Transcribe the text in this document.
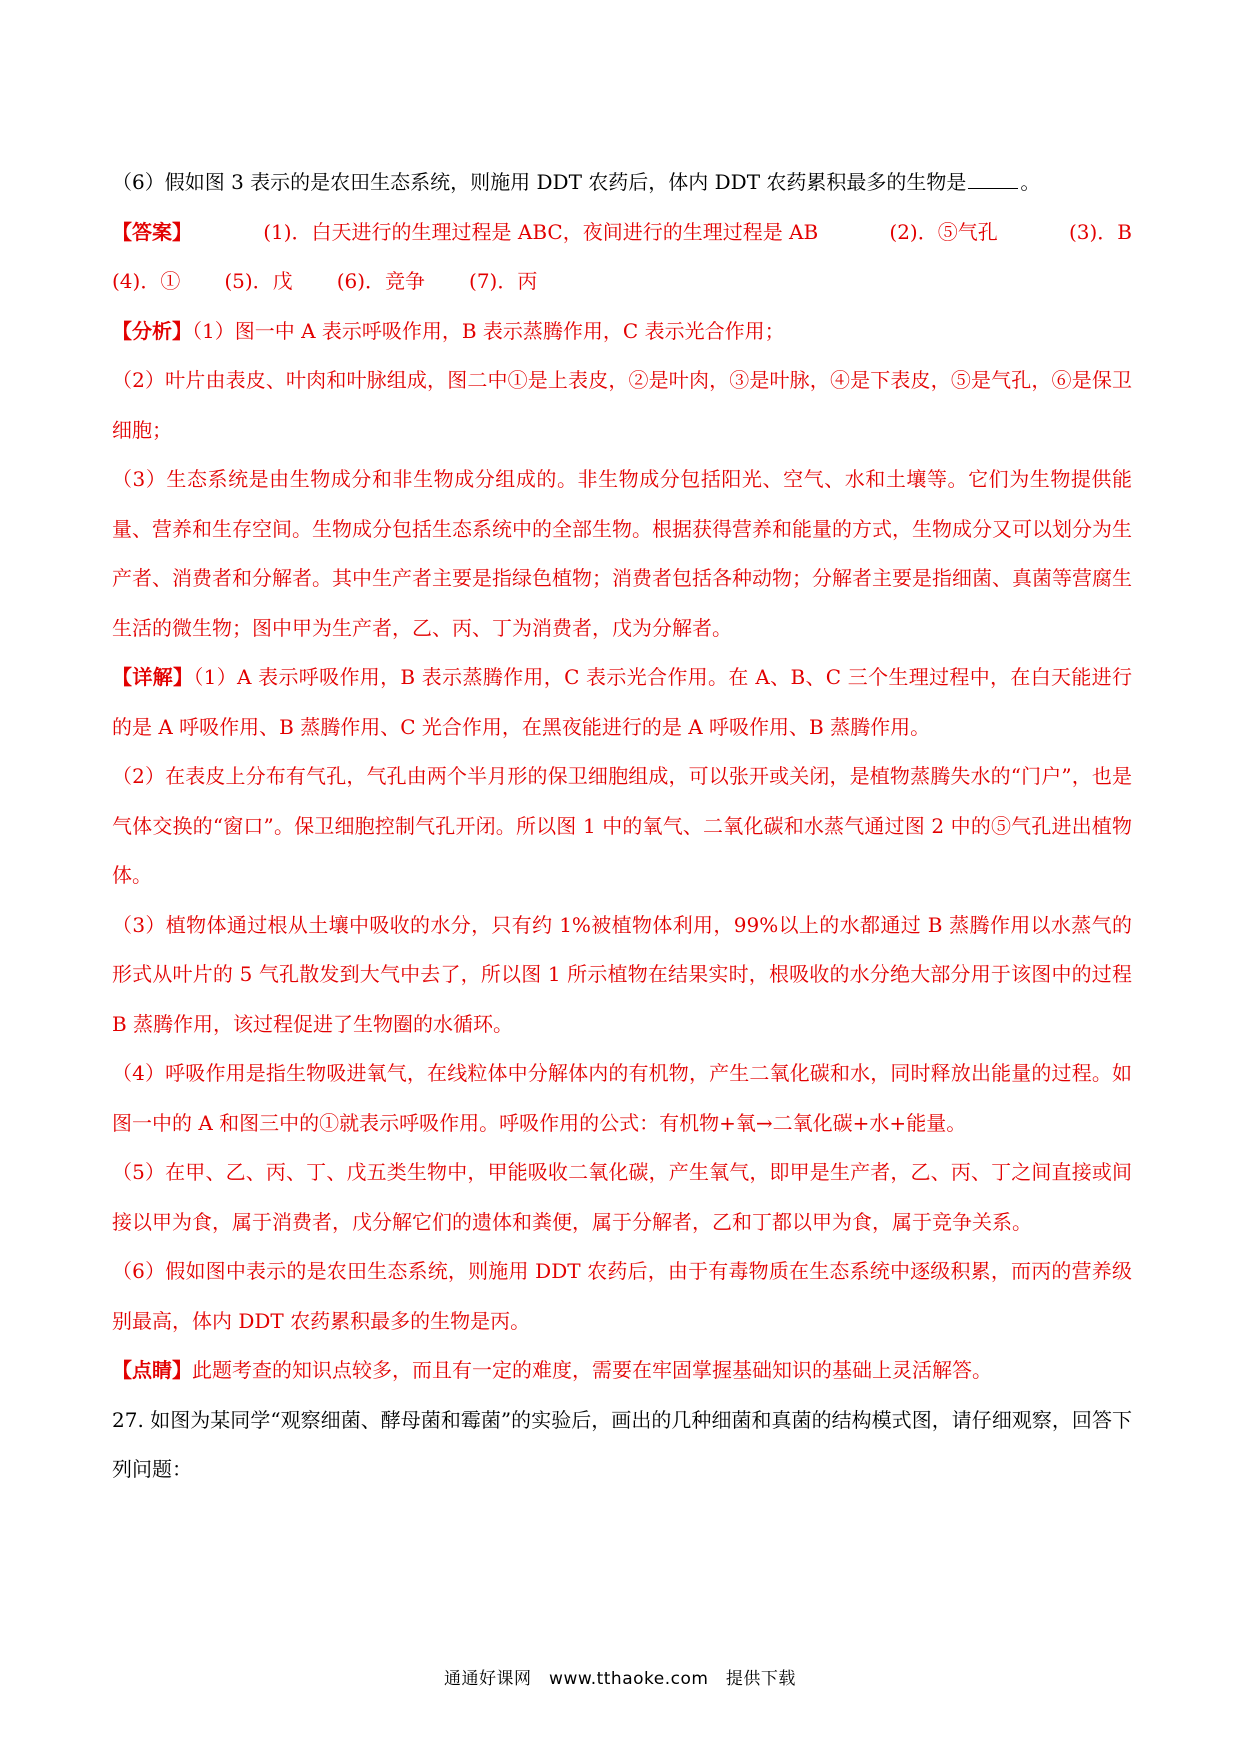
（6）假如图 3 表示的是农田生态系统，则施用 DDT 农药后，体内 DDT 农药累积最多的生物是	。

【答案】	(1)．白天进行的生理过程是 ABC，夜间进行的生理过程是 AB	(2)．⑤气孔	(3)．B
(4)．① (5)．戊 (6)．竞争 (7)．丙

【分析】（1）图一中 A 表示呼吸作用，B 表示蒸腾作用，C 表示光合作用；

（2）叶片由表皮、叶肉和叶脉组成，图二中①是上表皮，②是叶肉，③是叶脉，④是下表皮，⑤是气孔，⑥是保卫细胞；

（3）生态系统是由生物成分和非生物成分组成的。非生物成分包括阳光、空气、水和土壤等。它们为生物提供能量、营养和生存空间。生物成分包括生态系统中的全部生物。根据获得营养和能量的方式，生物成分又可以划分为生产者、消费者和分解者。其中生产者主要是指绿色植物；消费者包括各种动物；分解者主要是指细菌、真菌等营腐生生活的微生物；图中甲为生产者，乙、丙、丁为消费者，戊为分解者。

【详解】（1）A 表示呼吸作用，B 表示蒸腾作用，C 表示光合作用。在 A、B、C 三个生理过程中，在白天能进行的是 A 呼吸作用、B 蒸腾作用、C 光合作用，在黑夜能进行的是 A 呼吸作用、B 蒸腾作用。

（2）在表皮上分布有气孔，气孔由两个半月形的保卫细胞组成，可以张开或关闭，是植物蒸腾失水的“门户”，也是气体交换的“窗口”。保卫细胞控制气孔开闭。所以图 1 中的氧气、二氧化碳和水蒸气通过图 2 中的⑤气孔进出植物体。

（3）植物体通过根从土壤中吸收的水分，只有约 1%被植物体利用，99%以上的水都通过 B 蒸腾作用以水蒸气的形式从叶片的 5 气孔散发到大气中去了，所以图 1 所示植物在结果实时，根吸收的水分绝大部分用于该图中的过程 B 蒸腾作用，该过程促进了生物圈的水循环。

（4）呼吸作用是指生物吸进氧气，在线粒体中分解体内的有机物，产生二氧化碳和水，同时释放出能量的过程。如图一中的 A 和图三中的①就表示呼吸作用。呼吸作用的公式：有机物+氧→二氧化碳+水+能量。

（5）在甲、乙、丙、丁、戊五类生物中，甲能吸收二氧化碳，产生氧气，即甲是生产者，乙、丙、丁之间直接或间接以甲为食，属于消费者，戊分解它们的遗体和粪便，属于分解者，乙和丁都以甲为食，属于竞争关系。

（6）假如图中表示的是农田生态系统，则施用 DDT 农药后，由于有毒物质在生态系统中逐级积累，而丙的营养级别最高，体内 DDT 农药累积最多的生物是丙。

【点睛】此题考查的知识点较多，而且有一定的难度，需要在牢固掌握基础知识的基础上灵活解答。

27. 如图为某同学“观察细菌、酵母菌和霉菌”的实验后，画出的几种细菌和真菌的结构模式图，请仔细观察，回答下列问题：

通通好课网　www.tthaoke.com　提供下载
